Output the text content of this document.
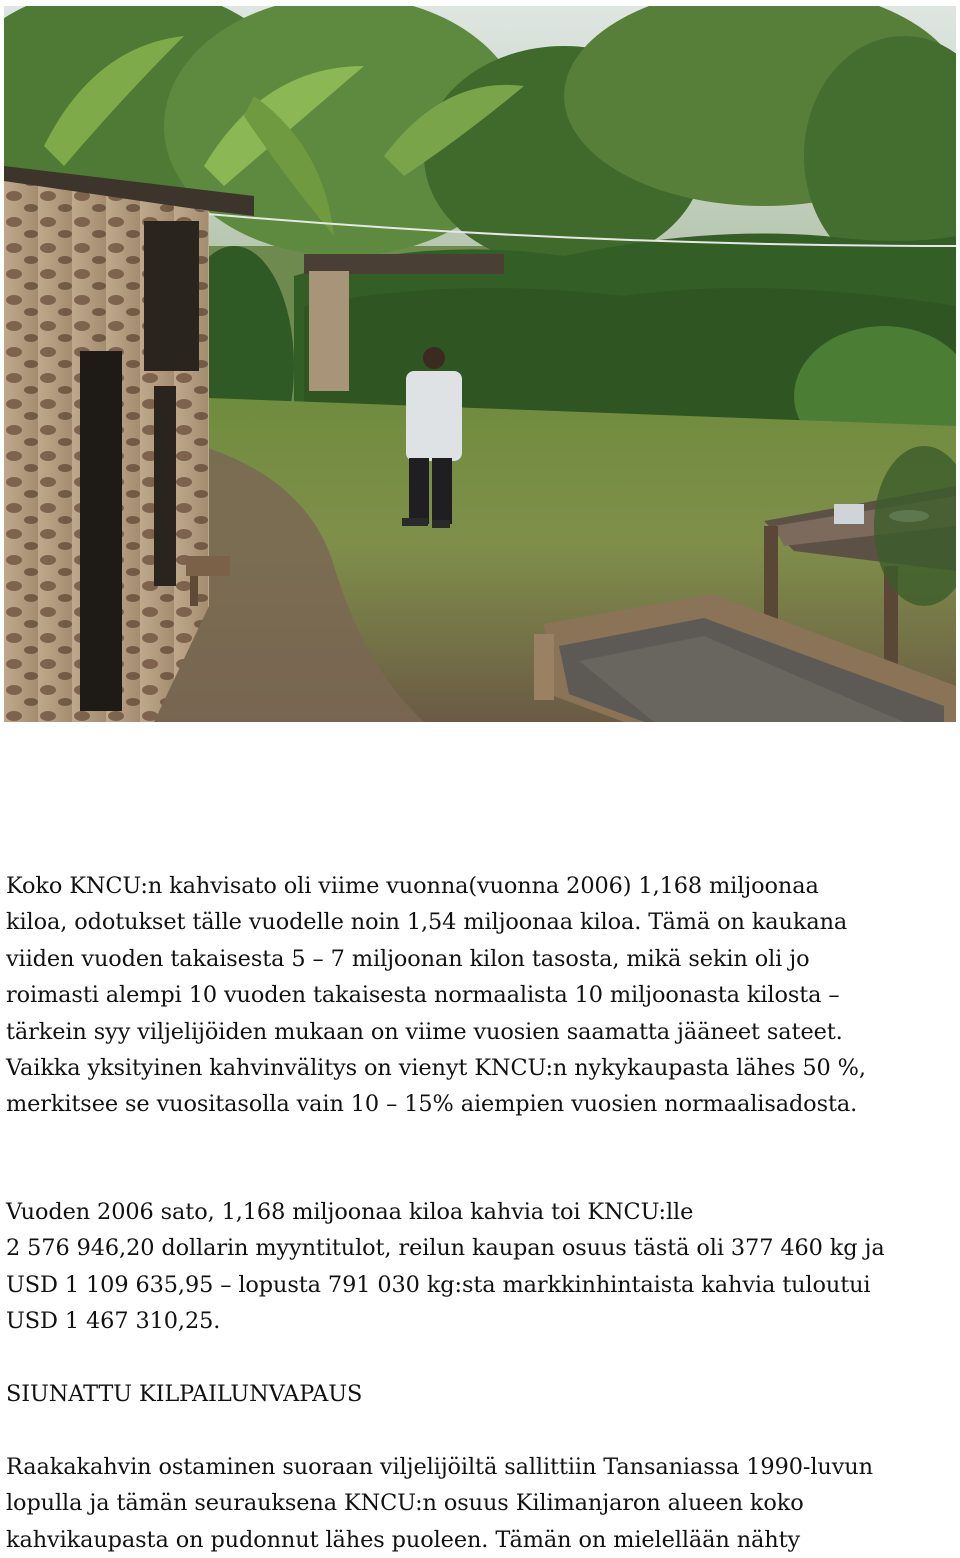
Koko KNCU:n kahvisato oli viime vuonna(vuonna 2006) 1,168 miljoonaa
kiloa, odotukset tälle vuodelle noin 1,54 miljoonaa kiloa. Tämä on kaukana
viiden vuoden takaisesta 5 – 7 miljoonan kilon tasosta, mikä sekin oli jo
roimasti alempi 10 vuoden takaisesta normaalista 10 miljoonasta kilosta –
tärkein syy viljelijöiden mukaan on viime vuosien saamatta jääneet sateet.
Vaikka yksityinen kahvinvälitys on vienyt KNCU:n nykykaupasta lähes 50 %,
merkitsee se vuositasolla vain 10 – 15% aiempien vuosien normaalisadosta.
Vuoden 2006 sato, 1,168 miljoonaa kiloa kahvia toi KNCU:lle
2 576 946,20 dollarin myyntitulot, reilun kaupan osuus tästä oli 377 460 kg ja
USD 1 109 635,95 – lopusta 791 030 kg:sta markkinhintaista kahvia tuloutui
USD 1 467 310,25.
SIUNATTU KILPAILUNVAPAUS
Raakakahvin ostaminen suoraan viljelijöiltä sallittiin Tansaniassa 1990-luvun
lopulla ja tämän seurauksena KNCU:n osuus Kilimanjaron alueen koko
kahvikaupasta on pudonnut lähes puoleen. Tämän on mielellään nähty
